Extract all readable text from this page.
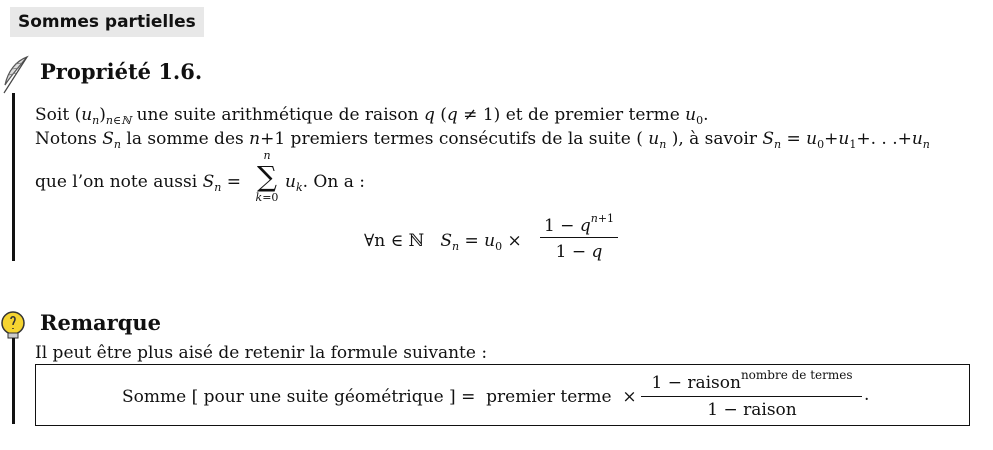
Sommes partielles
Propriété 1.6.
Soit $(u_n)_{n\in ℕ}$ une suite arithmétique de raison q (q ≠ 1) et de premier terme $u_0$.
Notons $S_n$ la somme des n+1 premiers termes consécutifs de la suite ( $u_n$ ), à savoir $S_n = u_0+u_1+$. . $.+u_n$
que l’on note aussi $S_n$ =
n
∑
k=0
$u_k$. On a :
∀n ∈ ℕ $S_n = u_0$ ×
$1 - q^{n+1}$
1 − q
Remarque
Il peut être plus aisé de retenir la formule suivante :
Somme [ pour une suite géométrique ] = premier terme ×
1 − raison$^{nombre de termes}$
1 − raison
.
